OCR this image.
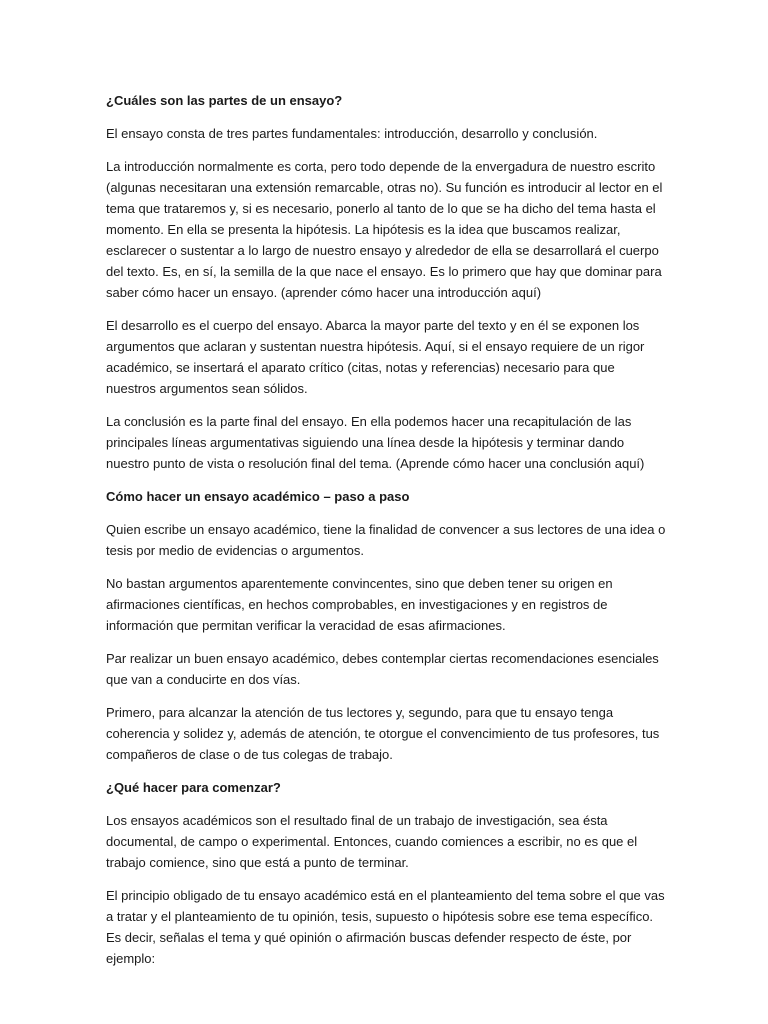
¿Cuáles son las partes de un ensayo?

El ensayo consta de tres partes fundamentales: introducción, desarrollo y conclusión.

La introducción normalmente es corta, pero todo depende de la envergadura de nuestro escrito (algunas necesitaran una extensión remarcable, otras no). Su función es introducir al lector en el tema que trataremos y, si es necesario, ponerlo al tanto de lo que se ha dicho del tema hasta el momento. En ella se presenta la hipótesis. La hipótesis es la idea que buscamos realizar, esclarecer o sustentar a lo largo de nuestro ensayo y alrededor de ella se desarrollará el cuerpo del texto. Es, en sí, la semilla de la que nace el ensayo. Es lo primero que hay que dominar para saber cómo hacer un ensayo. (aprender cómo hacer una introducción aquí)

El desarrollo es el cuerpo del ensayo. Abarca la mayor parte del texto y en él se exponen los argumentos que aclaran y sustentan nuestra hipótesis. Aquí, si el ensayo requiere de un rigor académico, se insertará el aparato crítico (citas, notas y referencias) necesario para que nuestros argumentos sean sólidos.

La conclusión es la parte final del ensayo. En ella podemos hacer una recapitulación de las principales líneas argumentativas siguiendo una línea desde la hipótesis y terminar dando nuestro punto de vista o resolución final del tema. (Aprende cómo hacer una conclusión aquí)

Cómo hacer un ensayo académico – paso a paso

Quien escribe un ensayo académico, tiene la finalidad de convencer a sus lectores de una idea o tesis por medio de evidencias o argumentos.

No bastan argumentos aparentemente convincentes, sino que deben tener su origen en afirmaciones científicas, en hechos comprobables, en investigaciones y en registros de información que permitan verificar la veracidad de esas afirmaciones.

Par realizar un buen ensayo académico, debes contemplar ciertas recomendaciones esenciales que van a conducirte en dos vías.

Primero, para alcanzar la atención de tus lectores y, segundo, para que tu ensayo tenga coherencia y solidez y, además de atención, te otorgue el convencimiento de tus profesores, tus compañeros de clase o de tus colegas de trabajo.

¿Qué hacer para comenzar?

Los ensayos académicos son el resultado final de un trabajo de investigación, sea ésta documental, de campo o experimental. Entonces, cuando comiences a escribir, no es que el trabajo comience, sino que está a punto de terminar.

El principio obligado de tu ensayo académico está en el planteamiento del tema sobre el que vas a tratar y el planteamiento de tu opinión, tesis, supuesto o hipótesis sobre ese tema específico. Es decir, señalas el tema y qué opinión o afirmación buscas defender respecto de éste, por ejemplo:
